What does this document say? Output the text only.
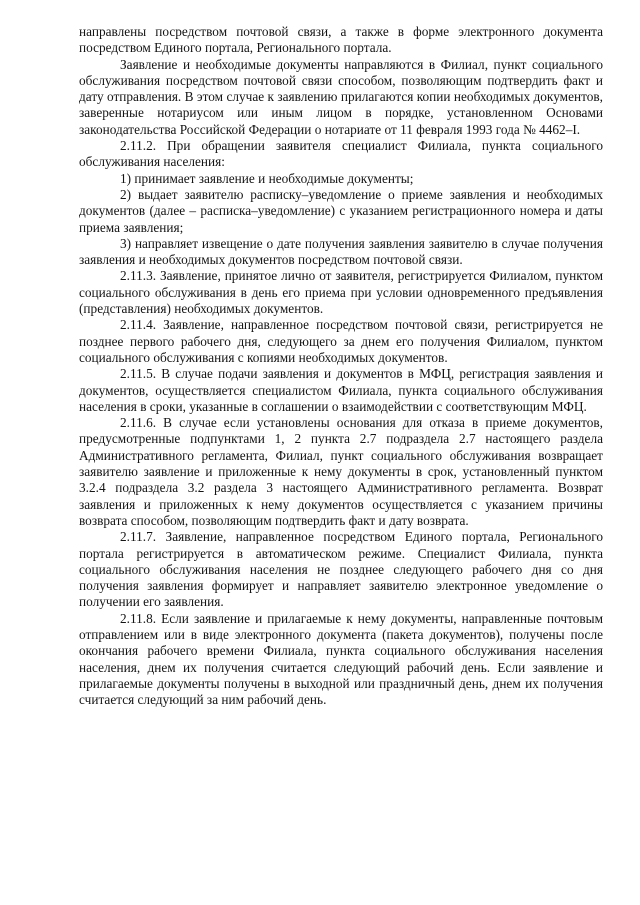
направлены посредством почтовой связи, а также в форме электронного документа посредством Единого портала, Регионального портала.

Заявление и необходимые документы направляются в Филиал, пункт социального обслуживания посредством почтовой связи способом, позволяющим подтвердить факт и дату отправления. В этом случае к заявлению прилагаются копии необходимых документов, заверенные нотариусом или иным лицом в порядке, установленном Основами законодательства Российской Федерации о нотариате от 11 февраля 1993 года № 4462–I.

2.11.2. При обращении заявителя специалист Филиала, пункта социального обслуживания населения:

1) принимает заявление и необходимые документы;

2) выдает заявителю расписку–уведомление о приеме заявления и необходимых документов (далее – расписка–уведомление) с указанием регистрационного номера и даты приема заявления;

3) направляет извещение о дате получения заявления заявителю в случае получения заявления и необходимых документов посредством почтовой связи.

2.11.3. Заявление, принятое лично от заявителя, регистрируется Филиалом, пунктом социального обслуживания в день его приема при условии одновременного предъявления (представления) необходимых документов.

2.11.4. Заявление, направленное посредством почтовой связи, регистрируется не позднее первого рабочего дня, следующего за днем его получения Филиалом, пунктом социального обслуживания с копиями необходимых документов.

2.11.5. В случае подачи заявления и документов в МФЦ, регистрация заявления и документов, осуществляется специалистом Филиала, пункта социального обслуживания населения в сроки, указанные в соглашении о взаимодействии с соответствующим МФЦ.

2.11.6. В случае если установлены основания для отказа в приеме документов, предусмотренные подпунктами 1, 2 пункта 2.7 подраздела 2.7 настоящего раздела Административного регламента, Филиал, пункт социального обслуживания возвращает заявителю заявление и приложенные к нему документы в срок, установленный пунктом 3.2.4 подраздела 3.2 раздела 3 настоящего Административного регламента. Возврат заявления и приложенных к нему документов осуществляется с указанием причины возврата способом, позволяющим подтвердить факт и дату возврата.

2.11.7. Заявление, направленное посредством Единого портала, Регионального портала регистрируется в автоматическом режиме. Специалист Филиала, пункта социального обслуживания населения не позднее следующего рабочего дня со дня получения заявления формирует и направляет заявителю электронное уведомление о получении его заявления.

2.11.8. Если заявление и прилагаемые к нему документы, направленные почтовым отправлением или в виде электронного документа (пакета документов), получены после окончания рабочего времени Филиала, пункта социального обслуживания населения населения, днем их получения считается следующий рабочий день. Если заявление и прилагаемые документы получены в выходной или праздничный день, днем их получения считается следующий за ним рабочий день.
